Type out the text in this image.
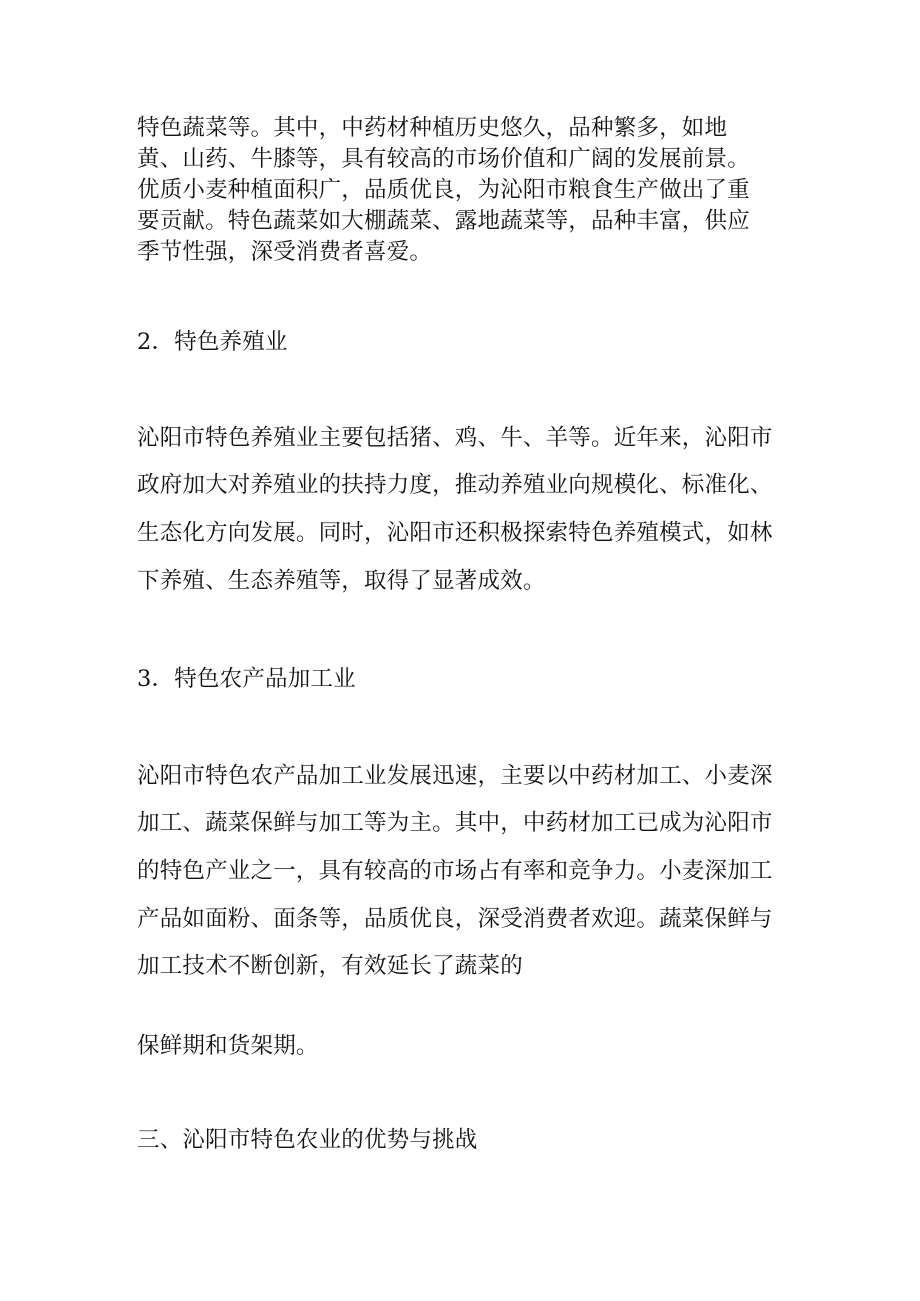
特色蔬菜等。其中，中药材种植历史悠久，品种繁多，如地
黄、山药、牛膝等，具有较高的市场价值和广阔的发展前景。
优质小麦种植面积广，品质优良，为沁阳市粮食生产做出了重
要贡献。特色蔬菜如大棚蔬菜、露地蔬菜等，品种丰富，供应
季节性强，深受消费者喜爱。
2．特色养殖业
沁阳市特色养殖业主要包括猪、鸡、牛、羊等。近年来，沁阳市
政府加大对养殖业的扶持力度，推动养殖业向规模化、标准化、
生态化方向发展。同时，沁阳市还积极探索特色养殖模式，如林
下养殖、生态养殖等，取得了显著成效。
3．特色农产品加工业
沁阳市特色农产品加工业发展迅速，主要以中药材加工、小麦深
加工、蔬菜保鲜与加工等为主。其中，中药材加工已成为沁阳市
的特色产业之一，具有较高的市场占有率和竞争力。小麦深加工
产品如面粉、面条等，品质优良，深受消费者欢迎。蔬菜保鲜与
加工技术不断创新，有效延长了蔬菜的
保鲜期和货架期。
三、沁阳市特色农业的优势与挑战
